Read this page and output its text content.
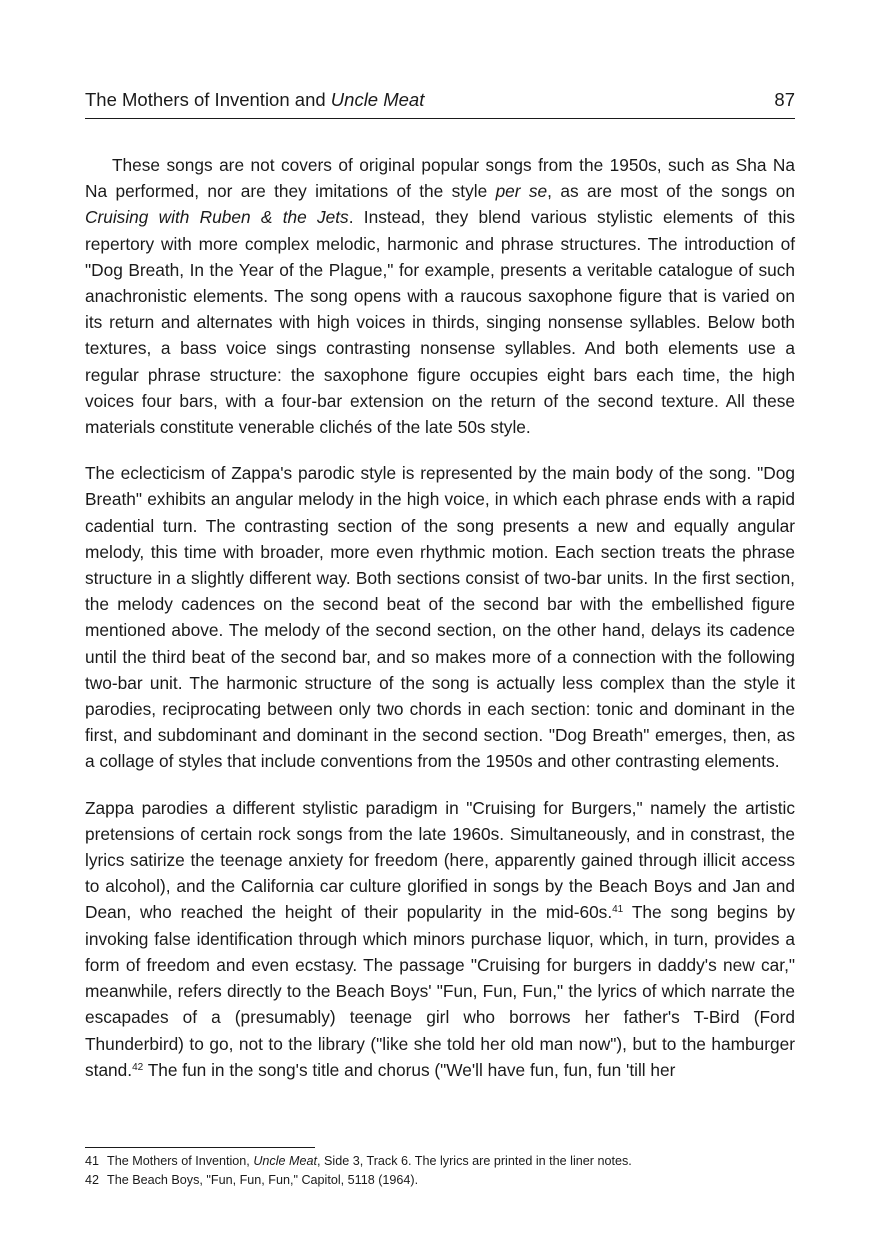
The Mothers of Invention and Uncle Meat	87

These songs are not covers of original popular songs from the 1950s, such as Sha Na Na performed, nor are they imitations of the style per se, as are most of the songs on Cruising with Ruben & the Jets. Instead, they blend various stylistic elements of this repertory with more complex melodic, harmonic and phrase structures. The introduction of "Dog Breath, In the Year of the Plague," for example, presents a veritable catalogue of such anachronistic elements. The song opens with a raucous saxophone figure that is varied on its return and alternates with high voices in thirds, singing nonsense syllables. Below both textures, a bass voice sings contrasting nonsense syllables. And both elements use a regular phrase structure: the saxophone figure occupies eight bars each time, the high voices four bars, with a four-bar extension on the return of the second texture. All these materials constitute venerable clichés of the late 50s style.

The eclecticism of Zappa's parodic style is represented by the main body of the song. "Dog Breath" exhibits an angular melody in the high voice, in which each phrase ends with a rapid cadential turn. The contrasting section of the song presents a new and equally angular melody, this time with broader, more even rhythmic motion. Each section treats the phrase structure in a slightly different way. Both sections consist of two-bar units. In the first section, the melody cadences on the second beat of the second bar with the embellished figure mentioned above. The melody of the second section, on the other hand, delays its cadence until the third beat of the second bar, and so makes more of a connection with the following two-bar unit. The harmonic structure of the song is actually less complex than the style it parodies, reciprocating between only two chords in each section: tonic and dominant in the first, and subdominant and dominant in the second section. "Dog Breath" emerges, then, as a collage of styles that include conventions from the 1950s and other contrasting elements.

Zappa parodies a different stylistic paradigm in "Cruising for Burgers," namely the artistic pretensions of certain rock songs from the late 1960s. Simultaneously, and in constrast, the lyrics satirize the teenage anxiety for freedom (here, apparently gained through illicit access to alcohol), and the California car culture glorified in songs by the Beach Boys and Jan and Dean, who reached the height of their popularity in the mid-60s.$^{41}$ The song begins by invoking false identification through which minors purchase liquor, which, in turn, provides a form of freedom and even ecstasy. The passage "Cruising for burgers in daddy's new car," meanwhile, refers directly to the Beach Boys' "Fun, Fun, Fun," the lyrics of which narrate the escapades of a (presumably) teenage girl who borrows her father's T-Bird (Ford Thunderbird) to go, not to the library ("like she told her old man now"), but to the hamburger stand.$^{42}$ The fun in the song's title and chorus ("We'll have fun, fun, fun 'till her

41 The Mothers of Invention, Uncle Meat, Side 3, Track 6. The lyrics are printed in the liner notes.
42 The Beach Boys, "Fun, Fun, Fun," Capitol, 5118 (1964).
